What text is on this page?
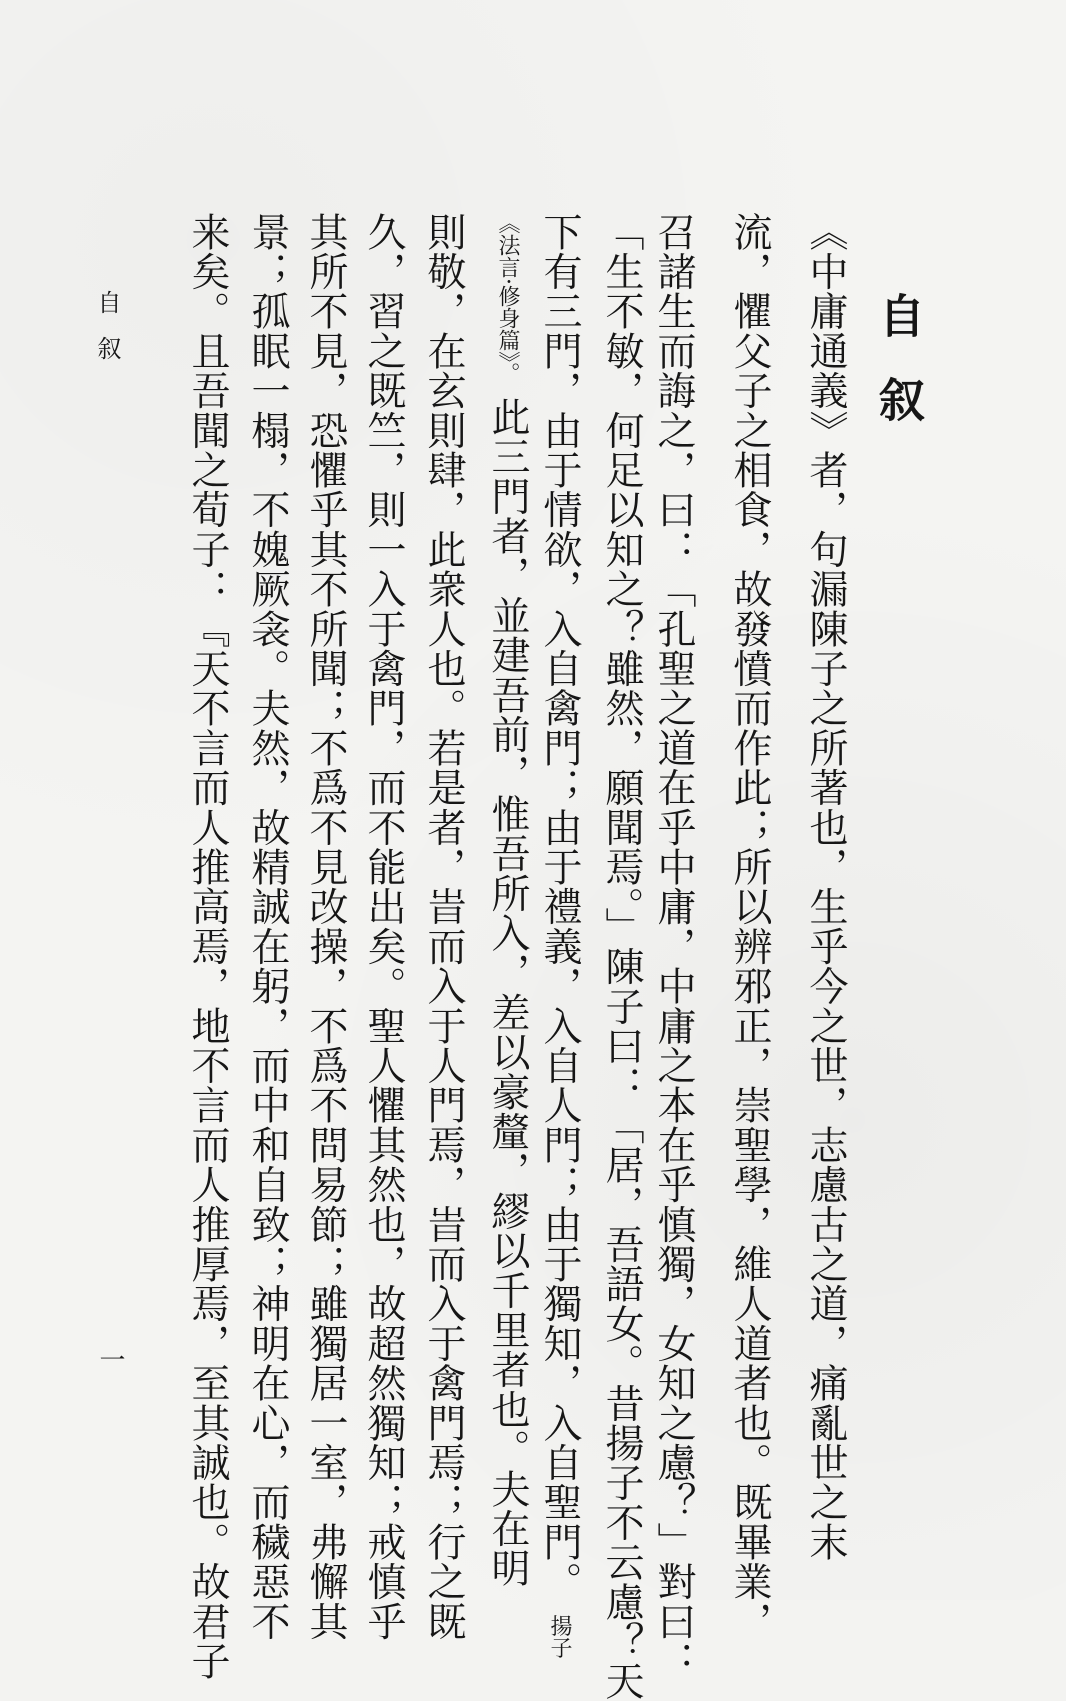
自叙
《中庸通義》者，句漏陳子之所著也，生乎今之世，志慮古之道，痛亂世之末
流，懼父子之相食，故發憤而作此；所以辨邪正，崇聖學，維人道者也。既畢業，
召諸生而誨之，曰：「孔聖之道在乎中庸，中庸之本在乎慎獨，女知之慮？」對曰：
「生不敏，何足以知之？雖然，願聞焉。」陳子曰：「居，吾語女。昔揚子不云慮？天
下有三門，由于情欲，入自禽門；由于禮義，入自人門；由于獨知，入自聖門。 揚子
《法言·修身篇》。 此三門者，並建吾前，惟吾所入，差以豪釐，繆以千里者也。夫在明
則敬，在玄則肆，此衆人也。若是者，旹而入于人門焉，旹而入于禽門焉；行之既
久，習之既竺，則一入于禽門，而不能出矣。聖人懼其然也，故超然獨知；戒慎乎
其所不見，恐懼乎其不所聞；不爲不見改操，不爲不問易節；雖獨居一室，弗懈其
景；孤眠一榻，不媿厥衾。夫然，故精誠在躬，而中和自致；神明在心，而穢惡不
来矣。且吾聞之荀子：『天不言而人推高焉，地不言而人推厚焉，至其誠也。故君子
自叙
一
